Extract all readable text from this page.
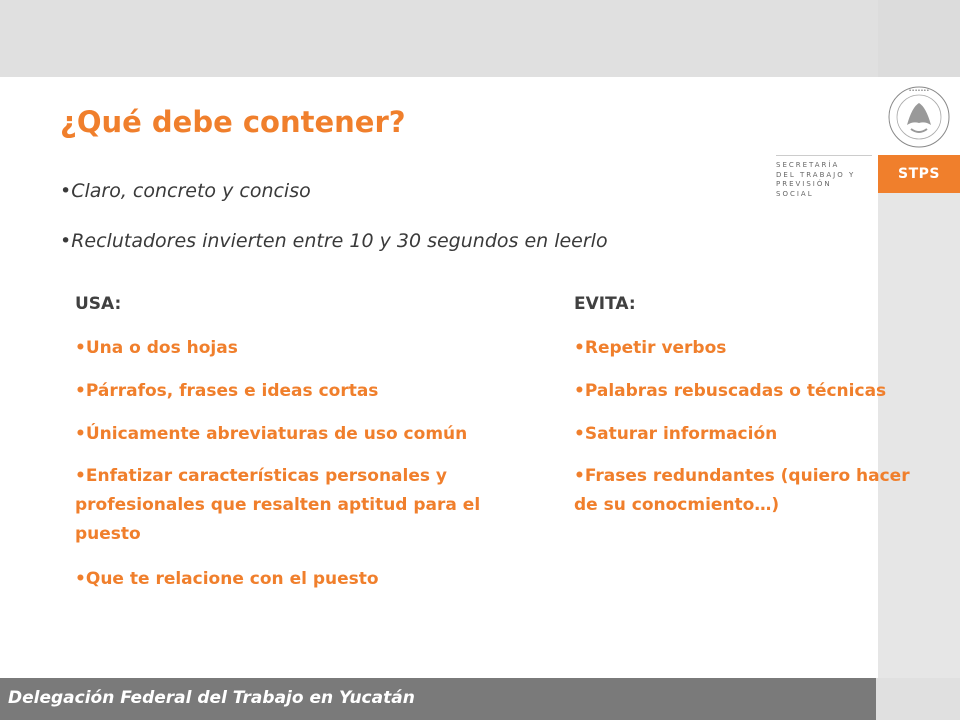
•••••••
SECRETARÍA
DEL TRABAJO Y
PREVISIÓN SOCIAL
STPS
¿Qué debe contener?
•Claro, concreto y conciso
•Reclutadores invierten entre 10 y 30 segundos en leerlo
USA:
•Una o dos hojas
•Párrafos, frases e ideas cortas
•Únicamente abreviaturas de uso común
•Enfatizar características personales y profesionales que resalten aptitud para el puesto
•Que te relacione con el puesto
EVITA:
•Repetir verbos
•Palabras rebuscadas o técnicas
•Saturar información
•Frases redundantes (quiero hacer de su conocmiento…)
Delegación Federal del Trabajo en Yucatán
